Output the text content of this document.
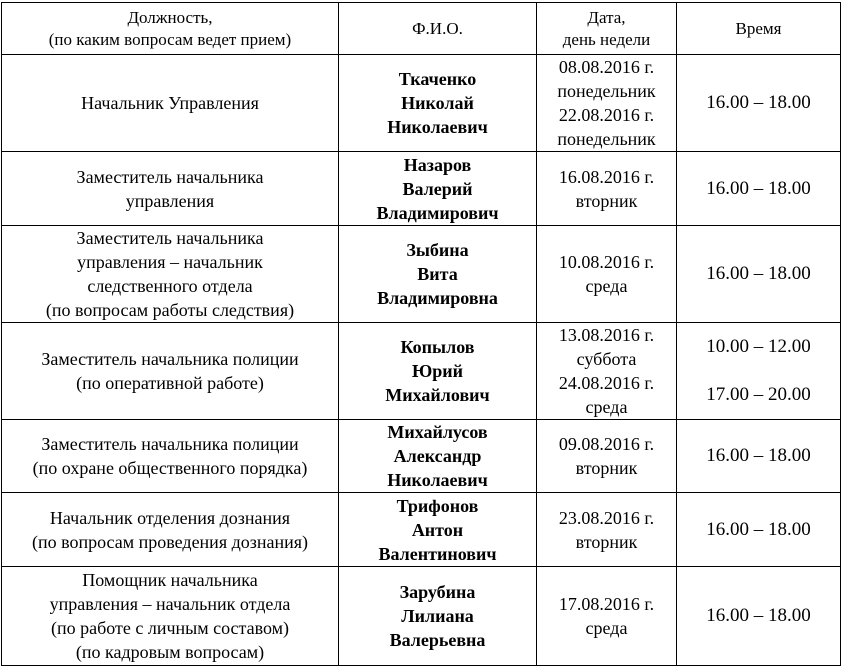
Должность,
(по каким вопросам ведет прием)	Ф.И.О.	Дата,
день недели	Время

Начальник Управления	Ткаченко
Николай
Николаевич	08.08.2016 г.
понедельник
22.08.2016 г.
понедельник	16.00 – 18.00

Заместитель начальника
управления	Назаров
Валерий
Владимирович	16.08.2016 г.
вторник	16.00 – 18.00

Заместитель начальника
управления – начальник
следственного отдела
(по вопросам работы следствия)	Зыбина
Вита
Владимировна	10.08.2016 г.
среда	16.00 – 18.00

Заместитель начальника полиции
(по оперативной работе)	Копылов
Юрий
Михайлович	13.08.2016 г.
суббота
24.08.2016 г.
среда	10.00 – 12.00
17.00 – 20.00

Заместитель начальника полиции
(по охране общественного порядка)	Михайлусов
Александр
Николаевич	09.08.2016 г.
вторник	16.00 – 18.00

Начальник отделения дознания
(по вопросам проведения дознания)	Трифонов
Антон
Валентинович	23.08.2016 г.
вторник	16.00 – 18.00

Помощник начальника
управления – начальник отдела
(по работе с личным составом)
(по кадровым вопросам)	Зарубина
Лилиана
Валерьевна	17.08.2016 г.
среда	16.00 – 18.00
